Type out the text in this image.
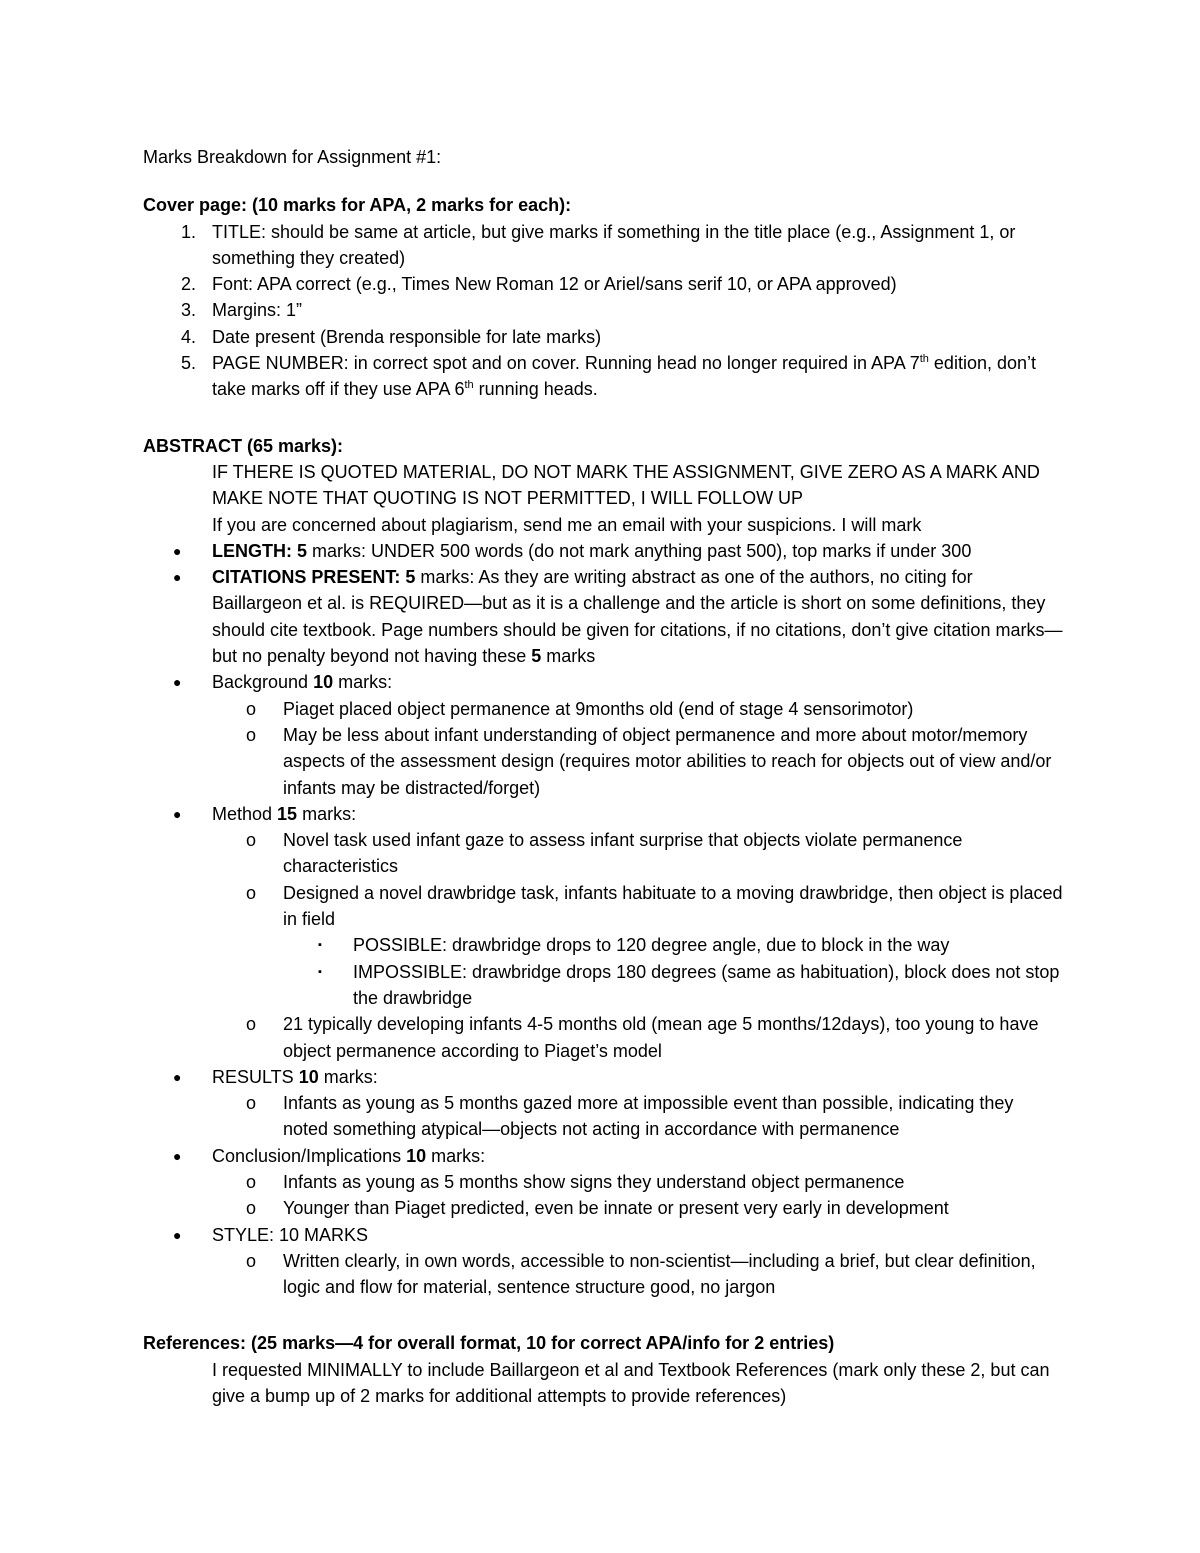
Marks Breakdown for Assignment #1:

Cover page: (10 marks for APA, 2 marks for each):

1. TITLE: should be same at article, but give marks if something in the title place (e.g., Assignment 1, or something they created)
2. Font: APA correct (e.g., Times New Roman 12 or Ariel/sans serif 10, or APA approved)
3. Margins: 1”
4. Date present (Brenda responsible for late marks)
5. PAGE NUMBER: in correct spot and on cover. Running head no longer required in APA 7th edition, don’t take marks off if they use APA 6th running heads.

ABSTRACT (65 marks):

IF THERE IS QUOTED MATERIAL, DO NOT MARK THE ASSIGNMENT, GIVE ZERO AS A MARK AND MAKE NOTE THAT QUOTING IS NOT PERMITTED, I WILL FOLLOW UP

If you are concerned about plagiarism, send me an email with your suspicions. I will mark

● LENGTH: 5 marks: UNDER 500 words (do not mark anything past 500), top marks if under 300
● CITATIONS PRESENT: 5 marks: As they are writing abstract as one of the authors, no citing for Baillargeon et al. is REQUIRED—but as it is a challenge and the article is short on some definitions, they should cite textbook. Page numbers should be given for citations, if no citations, don’t give citation marks—but no penalty beyond not having these 5 marks
● Background 10 marks:
o Piaget placed object permanence at 9months old (end of stage 4 sensorimotor)
o May be less about infant understanding of object permanence and more about motor/memory aspects of the assessment design (requires motor abilities to reach for objects out of view and/or infants may be distracted/forget)
● Method 15 marks:
o Novel task used infant gaze to assess infant surprise that objects violate permanence characteristics
o Designed a novel drawbridge task, infants habituate to a moving drawbridge, then object is placed in field
▪ POSSIBLE: drawbridge drops to 120 degree angle, due to block in the way
▪ IMPOSSIBLE: drawbridge drops 180 degrees (same as habituation), block does not stop the drawbridge
o 21 typically developing infants 4-5 months old (mean age 5 months/12days), too young to have object permanence according to Piaget’s model
● RESULTS 10 marks:
o Infants as young as 5 months gazed more at impossible event than possible, indicating they noted something atypical—objects not acting in accordance with permanence
● Conclusion/Implications 10 marks:
o Infants as young as 5 months show signs they understand object permanence
o Younger than Piaget predicted, even be innate or present very early in development
● STYLE: 10 MARKS
o Written clearly, in own words, accessible to non-scientist—including a brief, but clear definition, logic and flow for material, sentence structure good, no jargon

References: (25 marks—4 for overall format, 10 for correct APA/info for 2 entries)

I requested MINIMALLY to include Baillargeon et al and Textbook References (mark only these 2, but can give a bump up of 2 marks for additional attempts to provide references)
